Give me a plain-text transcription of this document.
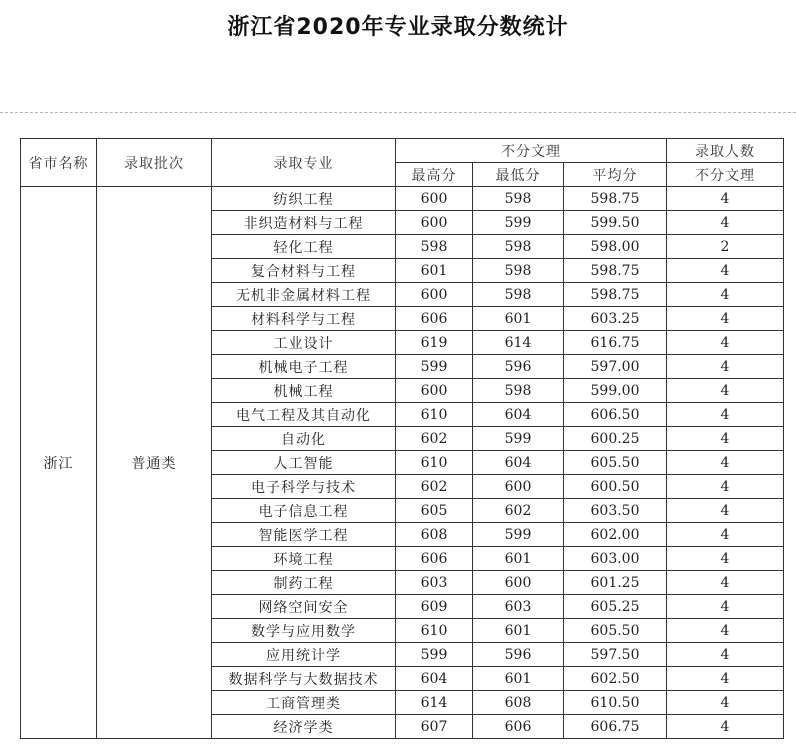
浙江省2020年专业录取分数统计
省市名称	录取批次	录取专业	不分文理			录取人数
			最高分	最低分	平均分	不分文理
浙江	普通类	纺织工程	600	598	598.75	4
		非织造材料与工程	600	599	599.50	4
		轻化工程	598	598	598.00	2
		复合材料与工程	601	598	598.75	4
		无机非金属材料工程	600	598	598.75	4
		材料科学与工程	606	601	603.25	4
		工业设计	619	614	616.75	4
		机械电子工程	599	596	597.00	4
		机械工程	600	598	599.00	4
		电气工程及其自动化	610	604	606.50	4
		自动化	602	599	600.25	4
		人工智能	610	604	605.50	4
		电子科学与技术	602	600	600.50	4
		电子信息工程	605	602	603.50	4
		智能医学工程	608	599	602.00	4
		环境工程	606	601	603.00	4
		制药工程	603	600	601.25	4
		网络空间安全	609	603	605.25	4
		数学与应用数学	610	601	605.50	4
		应用统计学	599	596	597.50	4
		数据科学与大数据技术	604	601	602.50	4
		工商管理类	614	608	610.50	4
		经济学类	607	606	606.75	4
